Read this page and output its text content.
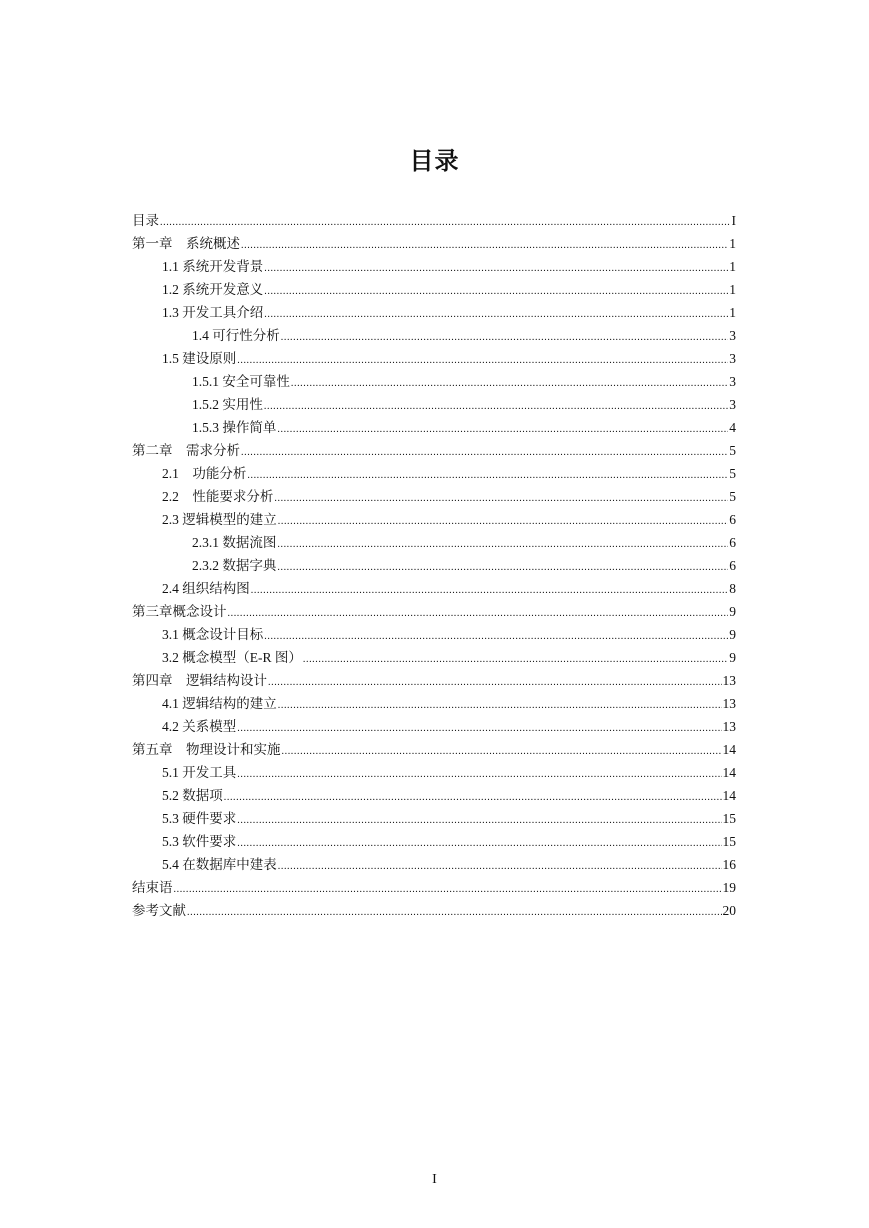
目录
目录 .....	I
第一章　系统概述 .....	1
1.1 系统开发背景 .....	1
1.2 系统开发意义 .....	1
1.3 开发工具介绍 .....	1
1.4 可行性分析 .....	3
1.5 建设原则 .....	3
1.5.1 安全可靠性 .....	3
1.5.2 实用性 .....	3
1.5.3 操作简单 .....	4
第二章　需求分析 .....	5
2.1　功能分析 .....	5
2.2　性能要求分析 .....	5
2.3 逻辑模型的建立 .....	6
2.3.1 数据流图 .....	6
2.3.2 数据字典 .....	6
2.4 组织结构图 .....	8
第三章概念设计 .....	9
3.1 概念设计目标 .....	9
3.2 概念模型（E-R 图） .....	9
第四章　逻辑结构设计 .....	13
4.1 逻辑结构的建立 .....	13
4.2 关系模型 .....	13
第五章　物理设计和实施 .....	14
5.1 开发工具 .....	14
5.2 数据项 .....	14
5.3 硬件要求 .....	15
5.3 软件要求 .....	15
5.4 在数据库中建表 .....	16
结束语 .....	19
参考文献 .....	20
I
